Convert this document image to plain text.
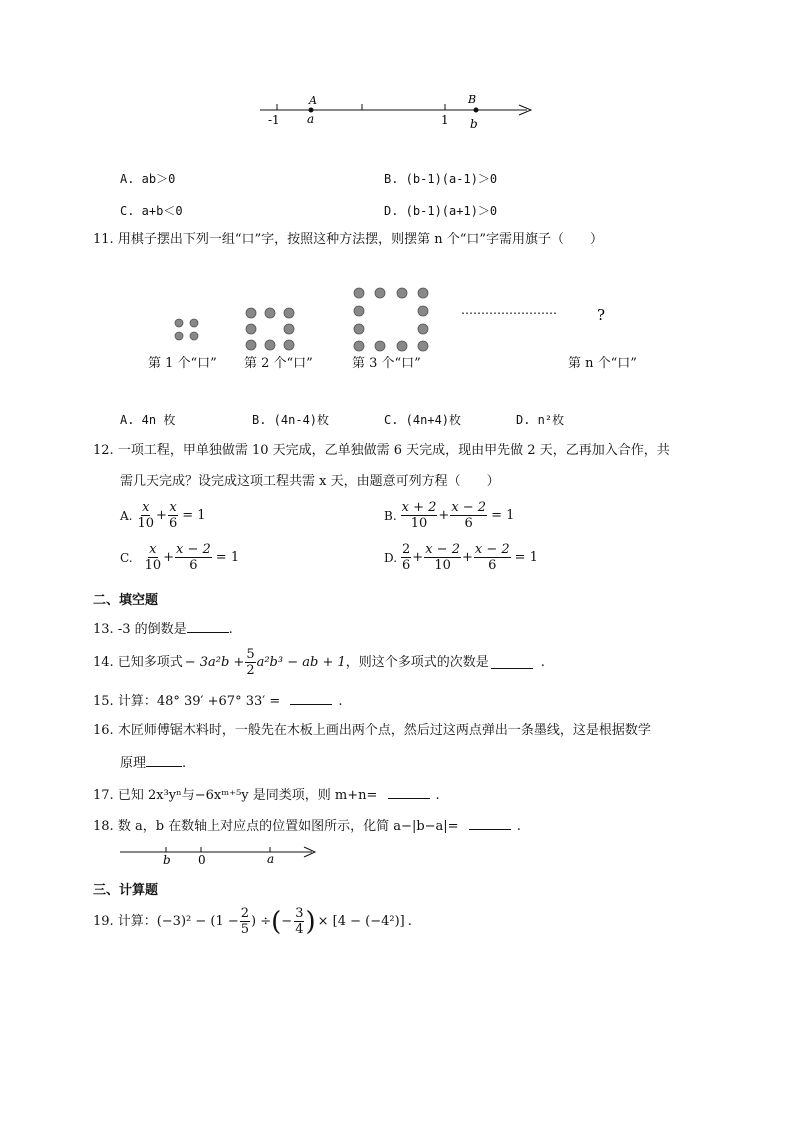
-1 a
A
1
B
b
A. ab＞0	B. (b-1)(a-1)＞0
C. a+b＜0	D. (b-1)(a+1)＞0
11. 用棋子摆出下列一组“口”字，按照这种方法摆，则摆第 n 个“口”字需用旗子（　　）
……………………	?
第 1 个“口” 第 2 个“口”	第 3 个“口”	第 n 个“口”
A. 4n 枚	B. (4n-4)枚	C. (4n+4)枚	D. n²枚
12. 一项工程，甲单独做需 10 天完成，乙单独做需 6 天完成，现由甲先做 2 天，乙再加入合作，共
需几天完成？设完成这项工程共需 x 天，由题意可列方程（　　）
A. $\frac{x}{10} + \frac{x}{6} = 1$	B. $\frac{x + 2}{10} + \frac{x - 2}{6} = 1$
C. $\frac{x}{10} + \frac{x - 2}{6} = 1$	D. $\frac{2}{6} + \frac{x - 2}{10} + \frac{x - 2}{6} = 1$
二、填空题
13. -3 的倒数是	.
14. 已知多项式 − $3a^2b + \frac{5}{2} a^2b^3$ − ab + 1 ，则这个多项式的次数是	.
15. 计算：48° 39′ +67° 33′ =	.
16. 木匠师傅锯木料时，一般先在木板上画出两个点，然后过这两点弹出一条墨线，这是根据数学
原理	.
17. 已知 2x³yⁿ与−6xᵐ⁺⁵y 是同类项，则 m+n=	.
18. 数 a，b 在数轴上对应点的位置如图所示，化简 a−|b−a|=	.
b 0	a
三、计算题
19. 计算： $(-3)^2 - (1 - \frac{2}{5}$ ) ÷ ( − $\frac{3}{4}$ ) × [4 − (−4²)] .
